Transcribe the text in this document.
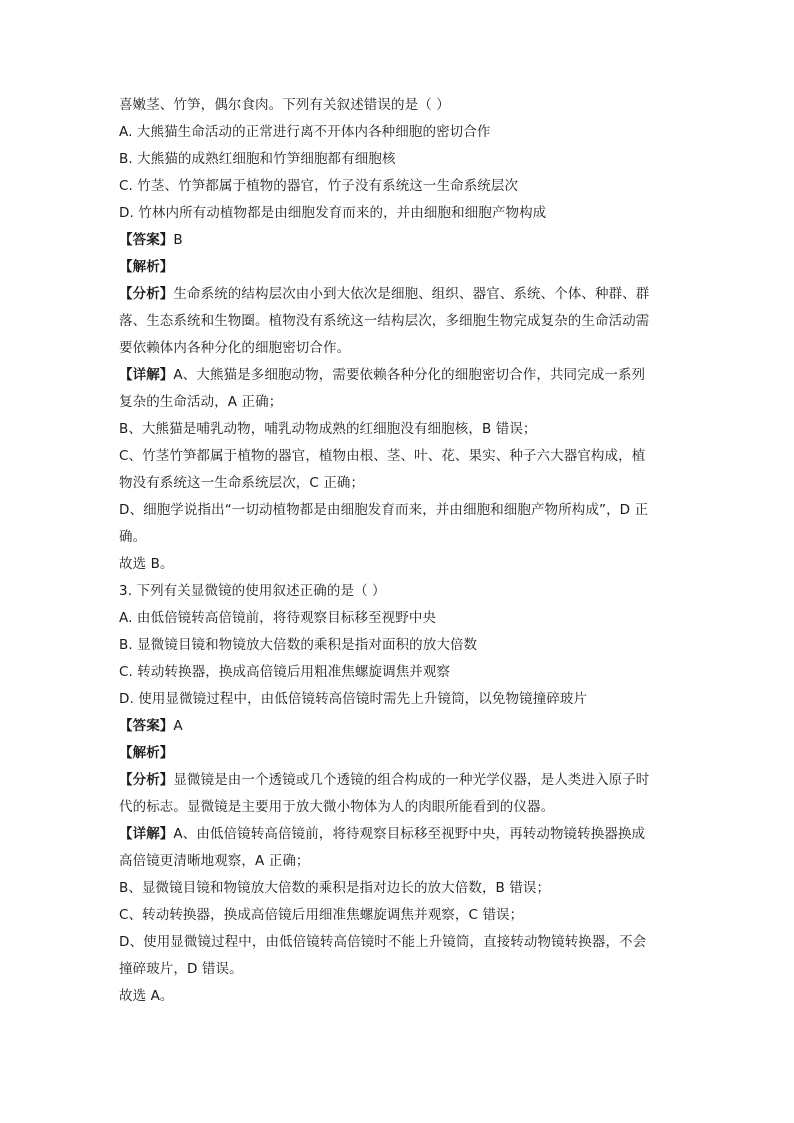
喜嫩茎、竹笋，偶尔食肉。下列有关叙述错误的是（ ）
A. 大熊猫生命活动的正常进行离不开体内各种细胞的密切合作
B. 大熊猫的成熟红细胞和竹笋细胞都有细胞核
C. 竹茎、竹笋都属于植物的器官，竹子没有系统这一生命系统层次
D. 竹林内所有动植物都是由细胞发育而来的，并由细胞和细胞产物构成
【答案】B
【解析】
【分析】生命系统的结构层次由小到大依次是细胞、组织、器官、系统、个体、种群、群
落、生态系统和生物圈。植物没有系统这一结构层次，多细胞生物完成复杂的生命活动需
要依赖体内各种分化的细胞密切合作。
【详解】A、大熊猫是多细胞动物，需要依赖各种分化的细胞密切合作，共同完成一系列
复杂的生命活动，A 正确；
B、大熊猫是哺乳动物，哺乳动物成熟的红细胞没有细胞核，B 错误；
C、竹茎竹笋都属于植物的器官，植物由根、茎、叶、花、果实、种子六大器官构成，植
物没有系统这一生命系统层次，C 正确；
D、细胞学说指出“一切动植物都是由细胞发育而来，并由细胞和细胞产物所构成”，D 正
确。
故选 B。
3. 下列有关显微镜的使用叙述正确的是（ ）
A. 由低倍镜转高倍镜前，将待观察目标移至视野中央
B. 显微镜目镜和物镜放大倍数的乘积是指对面积的放大倍数
C. 转动转换器，换成高倍镜后用粗准焦螺旋调焦并观察
D. 使用显微镜过程中，由低倍镜转高倍镜时需先上升镜筒，以免物镜撞碎玻片
【答案】A
【解析】
【分析】显微镜是由一个透镜或几个透镜的组合构成的一种光学仪器，是人类进入原子时
代的标志。显微镜是主要用于放大微小物体为人的肉眼所能看到的仪器。
【详解】A、由低倍镜转高倍镜前，将待观察目标移至视野中央，再转动物镜转换器换成
高倍镜更清晰地观察，A 正确；
B、显微镜目镜和物镜放大倍数的乘积是指对边长的放大倍数，B 错误；
C、转动转换器，换成高倍镜后用细准焦螺旋调焦并观察，C 错误；
D、使用显微镜过程中，由低倍镜转高倍镜时不能上升镜筒，直接转动物镜转换器，不会
撞碎玻片，D 错误。
故选 A。
